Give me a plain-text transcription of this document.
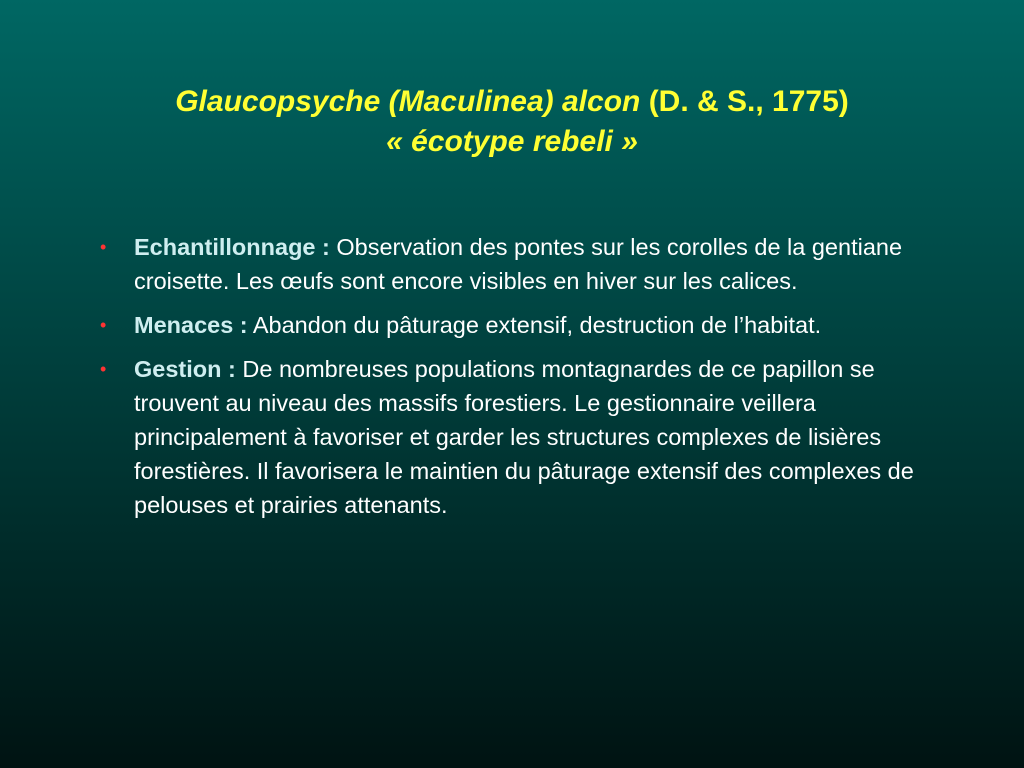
Glaucopsyche (Maculinea) alcon (D. & S., 1775)
« écotype rebeli »
• Echantillonnage : Observation des pontes sur les corolles de la gentiane croisette. Les œufs sont encore visibles en hiver sur les calices.
• Menaces : Abandon du pâturage extensif, destruction de l’habitat.
• Gestion : De nombreuses populations montagnardes de ce papillon se trouvent au niveau des massifs forestiers. Le gestionnaire veillera principalement à favoriser et garder les structures complexes de lisières forestières. Il favorisera le maintien du pâturage extensif des complexes de pelouses et prairies attenants.
